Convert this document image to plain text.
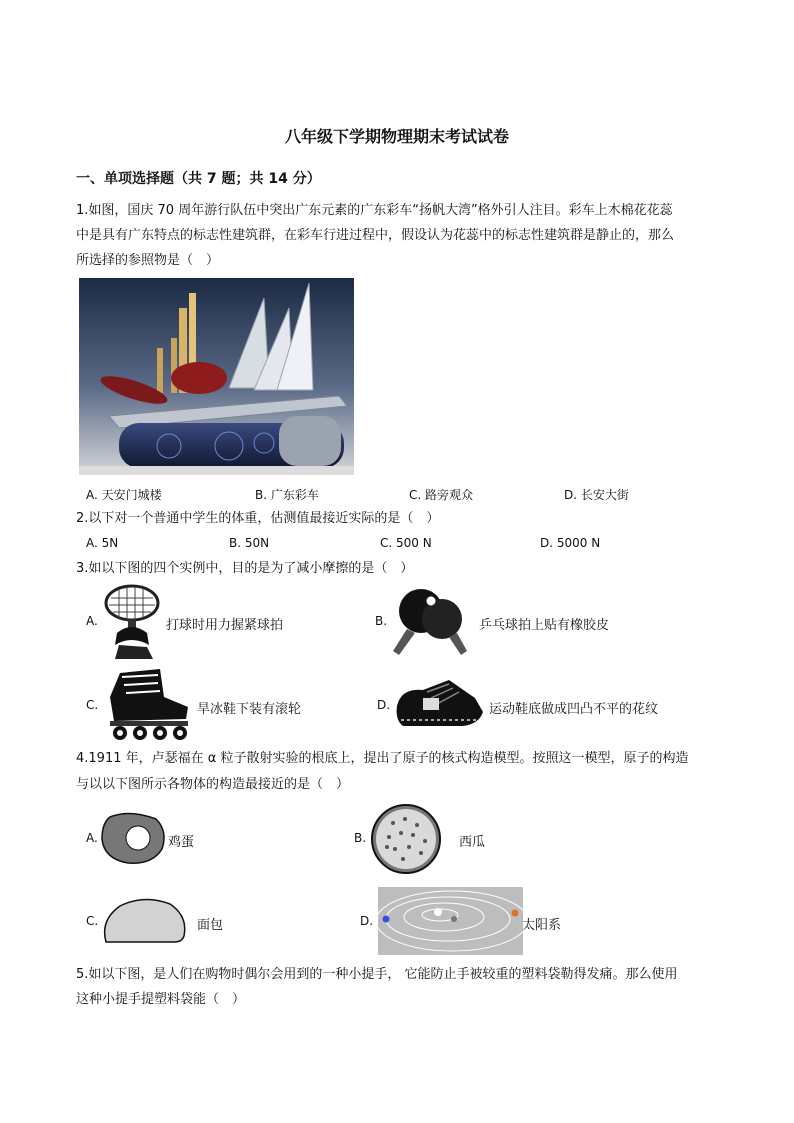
八年级下学期物理期末考试试卷
一、单项选择题（共 7 题；共 14 分）
1.如图，国庆 70 周年游行队伍中突出广东元素的广东彩车“扬帆大湾”格外引人注目。彩车上木棉花花蕊
中是具有广东特点的标志性建筑群，在彩车行进过程中，假设认为花蕊中的标志性建筑群是静止的，那么
所选择的参照物是（　）
A. 天安门城楼	B. 广东彩车	C. 路旁观众	D. 长安大街
2.以下对一个普通中学生的体重，估测值最接近实际的是（　）
A. 5N	B. 50N	C. 500 N	D. 5000 N
3.如以下图的四个实例中，目的是为了减小摩擦的是（　）
A.	打球时用力握紧球拍	B.	乒乓球拍上贴有橡胶皮
C.	旱冰鞋下装有滚轮	D.	运动鞋底做成凹凸不平的花纹
4.1911 年，卢瑟福在 α 粒子散射实验的根底上，提出了原子的核式构造模型。按照这一模型，原子的构造
与以以下图所示各物体的构造最接近的是（　）
A.	鸡蛋	B.	西瓜
C.	面包	D.	太阳系
5.如以下图，是人们在购物时偶尔会用到的一种小提手， 它能防止手被较重的塑料袋勒得发痛。那么使用
这种小提手提塑料袋能（　）
